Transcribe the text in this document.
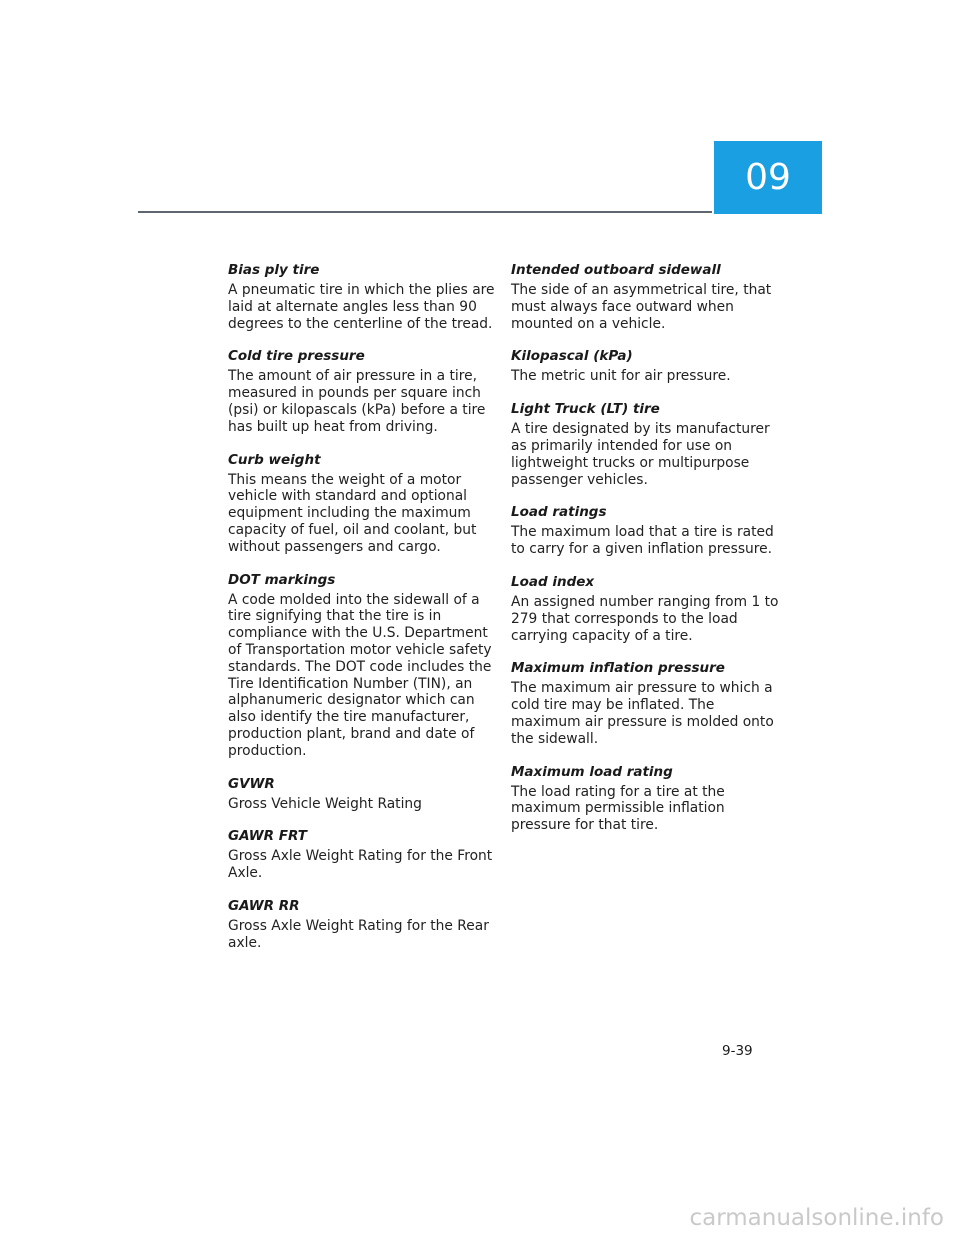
09

Bias ply tire

A pneumatic tire in which the plies are laid at alternate angles less than 90 degrees to the centerline of the tread.

Cold tire pressure

The amount of air pressure in a tire, measured in pounds per square inch (psi) or kilopascals (kPa) before a tire has built up heat from driving.

Curb weight

This means the weight of a motor vehicle with standard and optional equipment including the maximum capacity of fuel, oil and coolant, but without passengers and cargo.

DOT markings

A code molded into the sidewall of a tire signifying that the tire is in compliance with the U.S. Department of Transportation motor vehicle safety standards. The DOT code includes the Tire Identification Number (TIN), an alphanumeric designator which can also identify the tire manufacturer, production plant, brand and date of production.

GVWR

Gross Vehicle Weight Rating

GAWR FRT

Gross Axle Weight Rating for the Front Axle.

GAWR RR

Gross Axle Weight Rating for the Rear axle.

Intended outboard sidewall

The side of an asymmetrical tire, that must always face outward when mounted on a vehicle.

Kilopascal (kPa)

The metric unit for air pressure.

Light Truck (LT) tire

A tire designated by its manufacturer as primarily intended for use on lightweight trucks or multipurpose passenger vehicles.

Load ratings

The maximum load that a tire is rated to carry for a given inflation pressure.

Load index

An assigned number ranging from 1 to 279 that corresponds to the load carrying capacity of a tire.

Maximum inflation pressure

The maximum air pressure to which a cold tire may be inflated. The maximum air pressure is molded onto the sidewall.

Maximum load rating

The load rating for a tire at the maximum permissible inflation pressure for that tire.

9-39
carmanualsonline.info
